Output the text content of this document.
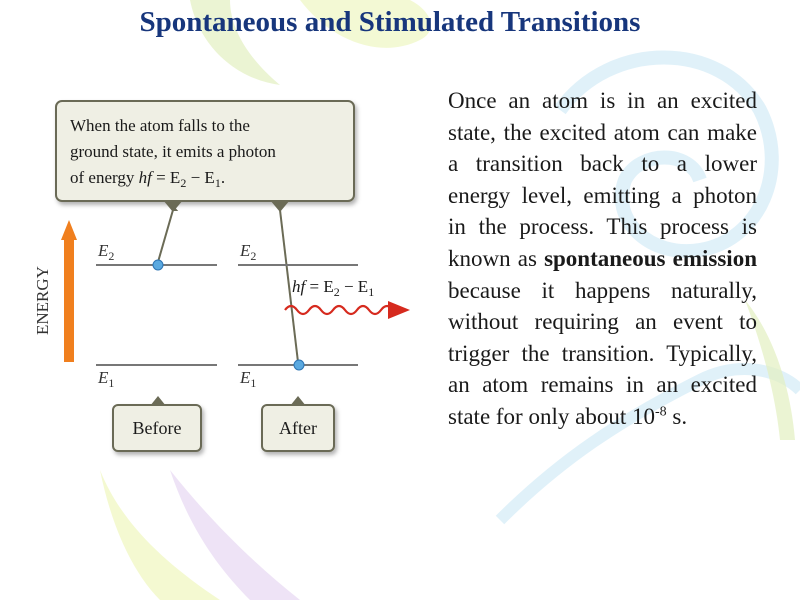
Spontaneous and Stimulated Transitions
When the atom falls to the
ground state, it emits a photon
of energy hf = $E_2 - E_1$.
ENERGY
$E_2$	$E_2$
$E_1$	$E_1$
hf = $E_2 - E_1$
Before	After
Once an atom is in an excited state, the excited atom can make a transition back to a lower energy level, emitting a photon in the process. This process is known as spontaneous emission because it happens naturally, without requiring an event to trigger the transition. Typically, an atom remains in an excited state for only about $10^{-8}$ s.
